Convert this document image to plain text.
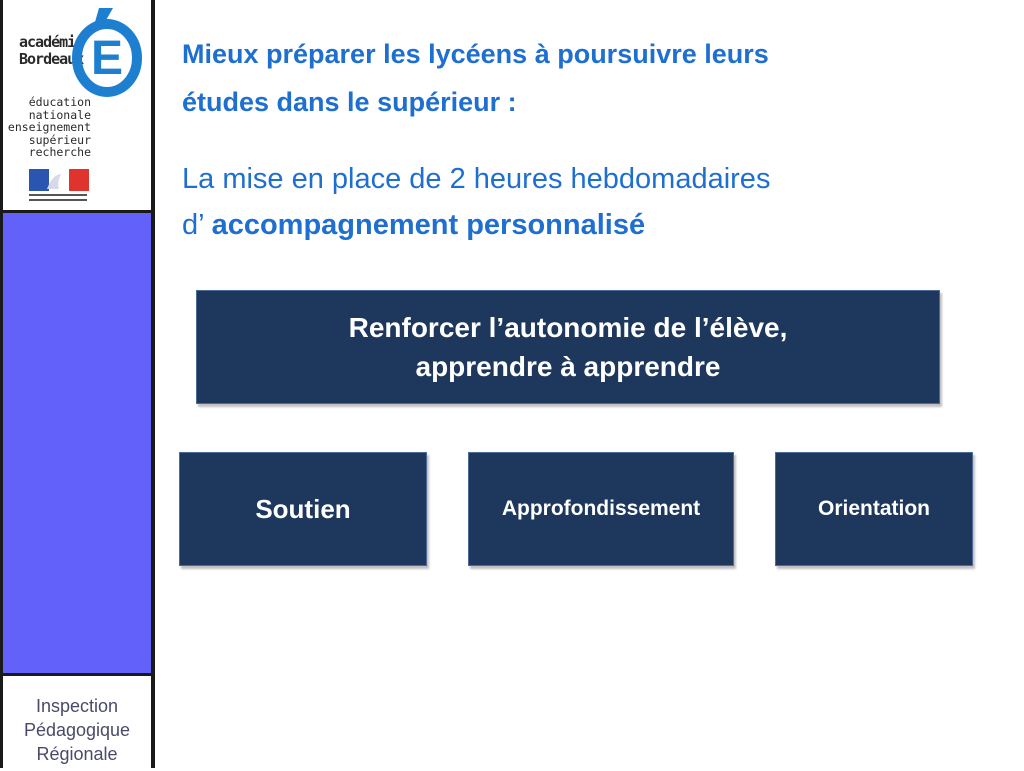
académie
Bordeaux E
éducation
nationale
enseignement
supérieur
recherche
Inspection
Pédagogique
Régionale
Mieux préparer les lycéens à poursuivre leurs
études dans le supérieur :
La mise en place de 2 heures hebdomadaires
d’ accompagnement personnalisé
Renforcer l’autonomie de l’élève,
apprendre à apprendre
Soutien	Approfondissement	Orientation
